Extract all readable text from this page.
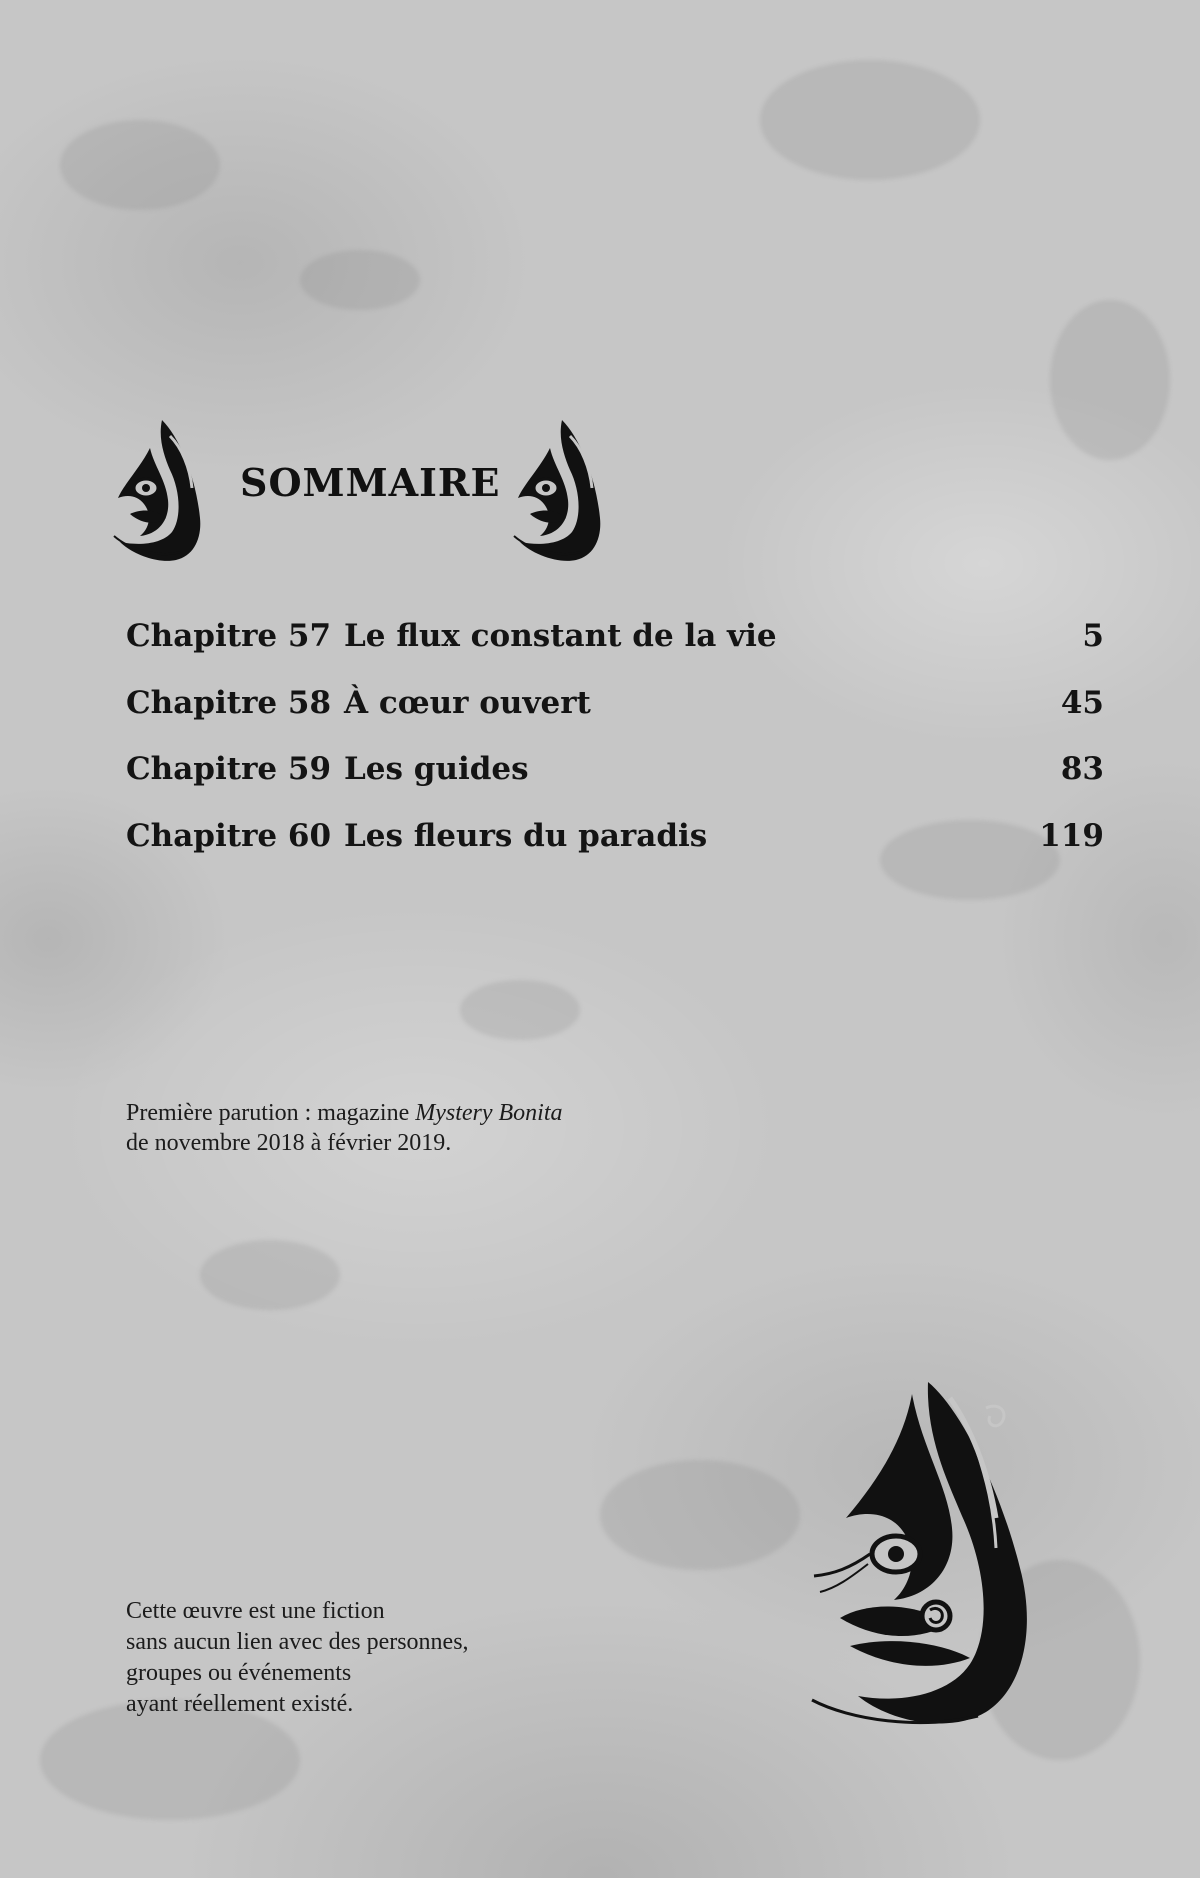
SOMMAIRE
Chapitre 57 Le flux constant de la vie	5
Chapitre 58 À cœur ouvert	45
Chapitre 59 Les guides	83
Chapitre 60 Les fleurs du paradis	119
Première parution : magazine Mystery Bonita
de novembre 2018 à février 2019.
Cette œuvre est une fiction
sans aucun lien avec des personnes,
groupes ou événements
ayant réellement existé.
